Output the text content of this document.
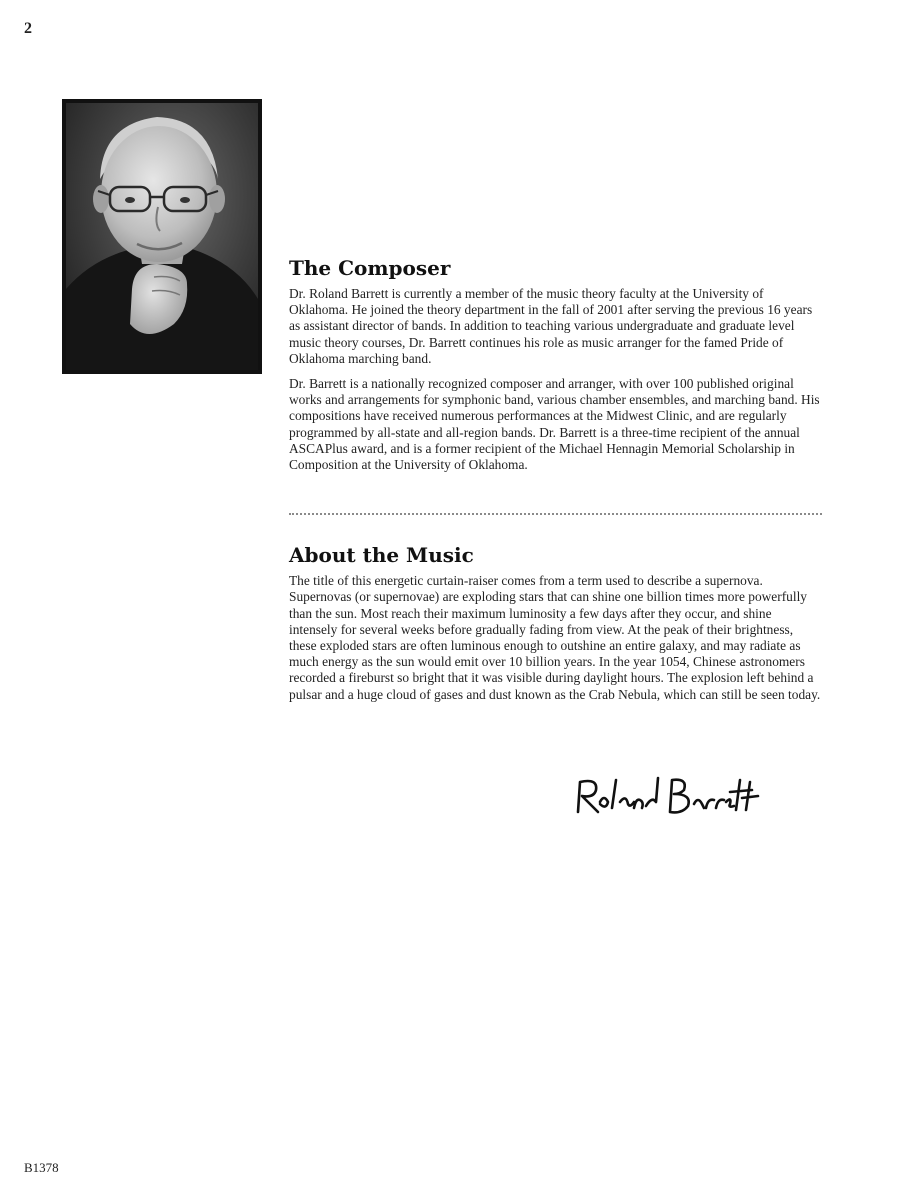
2
The Composer

Dr. Roland Barrett is currently a member of the music theory faculty at the University of Oklahoma. He joined the theory department in the fall of 2001 after serving the previous 16 years as assistant director of bands. In addition to teaching various undergraduate and graduate level music theory courses, Dr. Barrett continues his role as music arranger for the famed Pride of Oklahoma marching band.

Dr. Barrett is a nationally recognized composer and arranger, with over 100 published original works and arrangements for symphonic band, various chamber ensembles, and marching band. His compositions have received numerous performances at the Midwest Clinic, and are regularly programmed by all-state and all-region bands. Dr. Barrett is a three-time recipient of the annual ASCAPlus award, and is a former recipient of the Michael Hennagin Memorial Scholarship in Composition at the University of Oklahoma.

About the Music

The title of this energetic curtain-raiser comes from a term used to describe a supernova. Supernovas (or supernovae) are exploding stars that can shine one billion times more powerfully than the sun. Most reach their maximum luminosity a few days after they occur, and shine intensely for several weeks before gradually fading from view. At the peak of their brightness, these exploded stars are often luminous enough to outshine an entire galaxy, and may radiate as much energy as the sun would emit over 10 billion years. In the year 1054, Chinese astronomers recorded a fireburst so bright that it was visible during daylight hours. The explosion left behind a pulsar and a huge cloud of gases and dust known as the Crab Nebula, which can still be seen today.

B1378
